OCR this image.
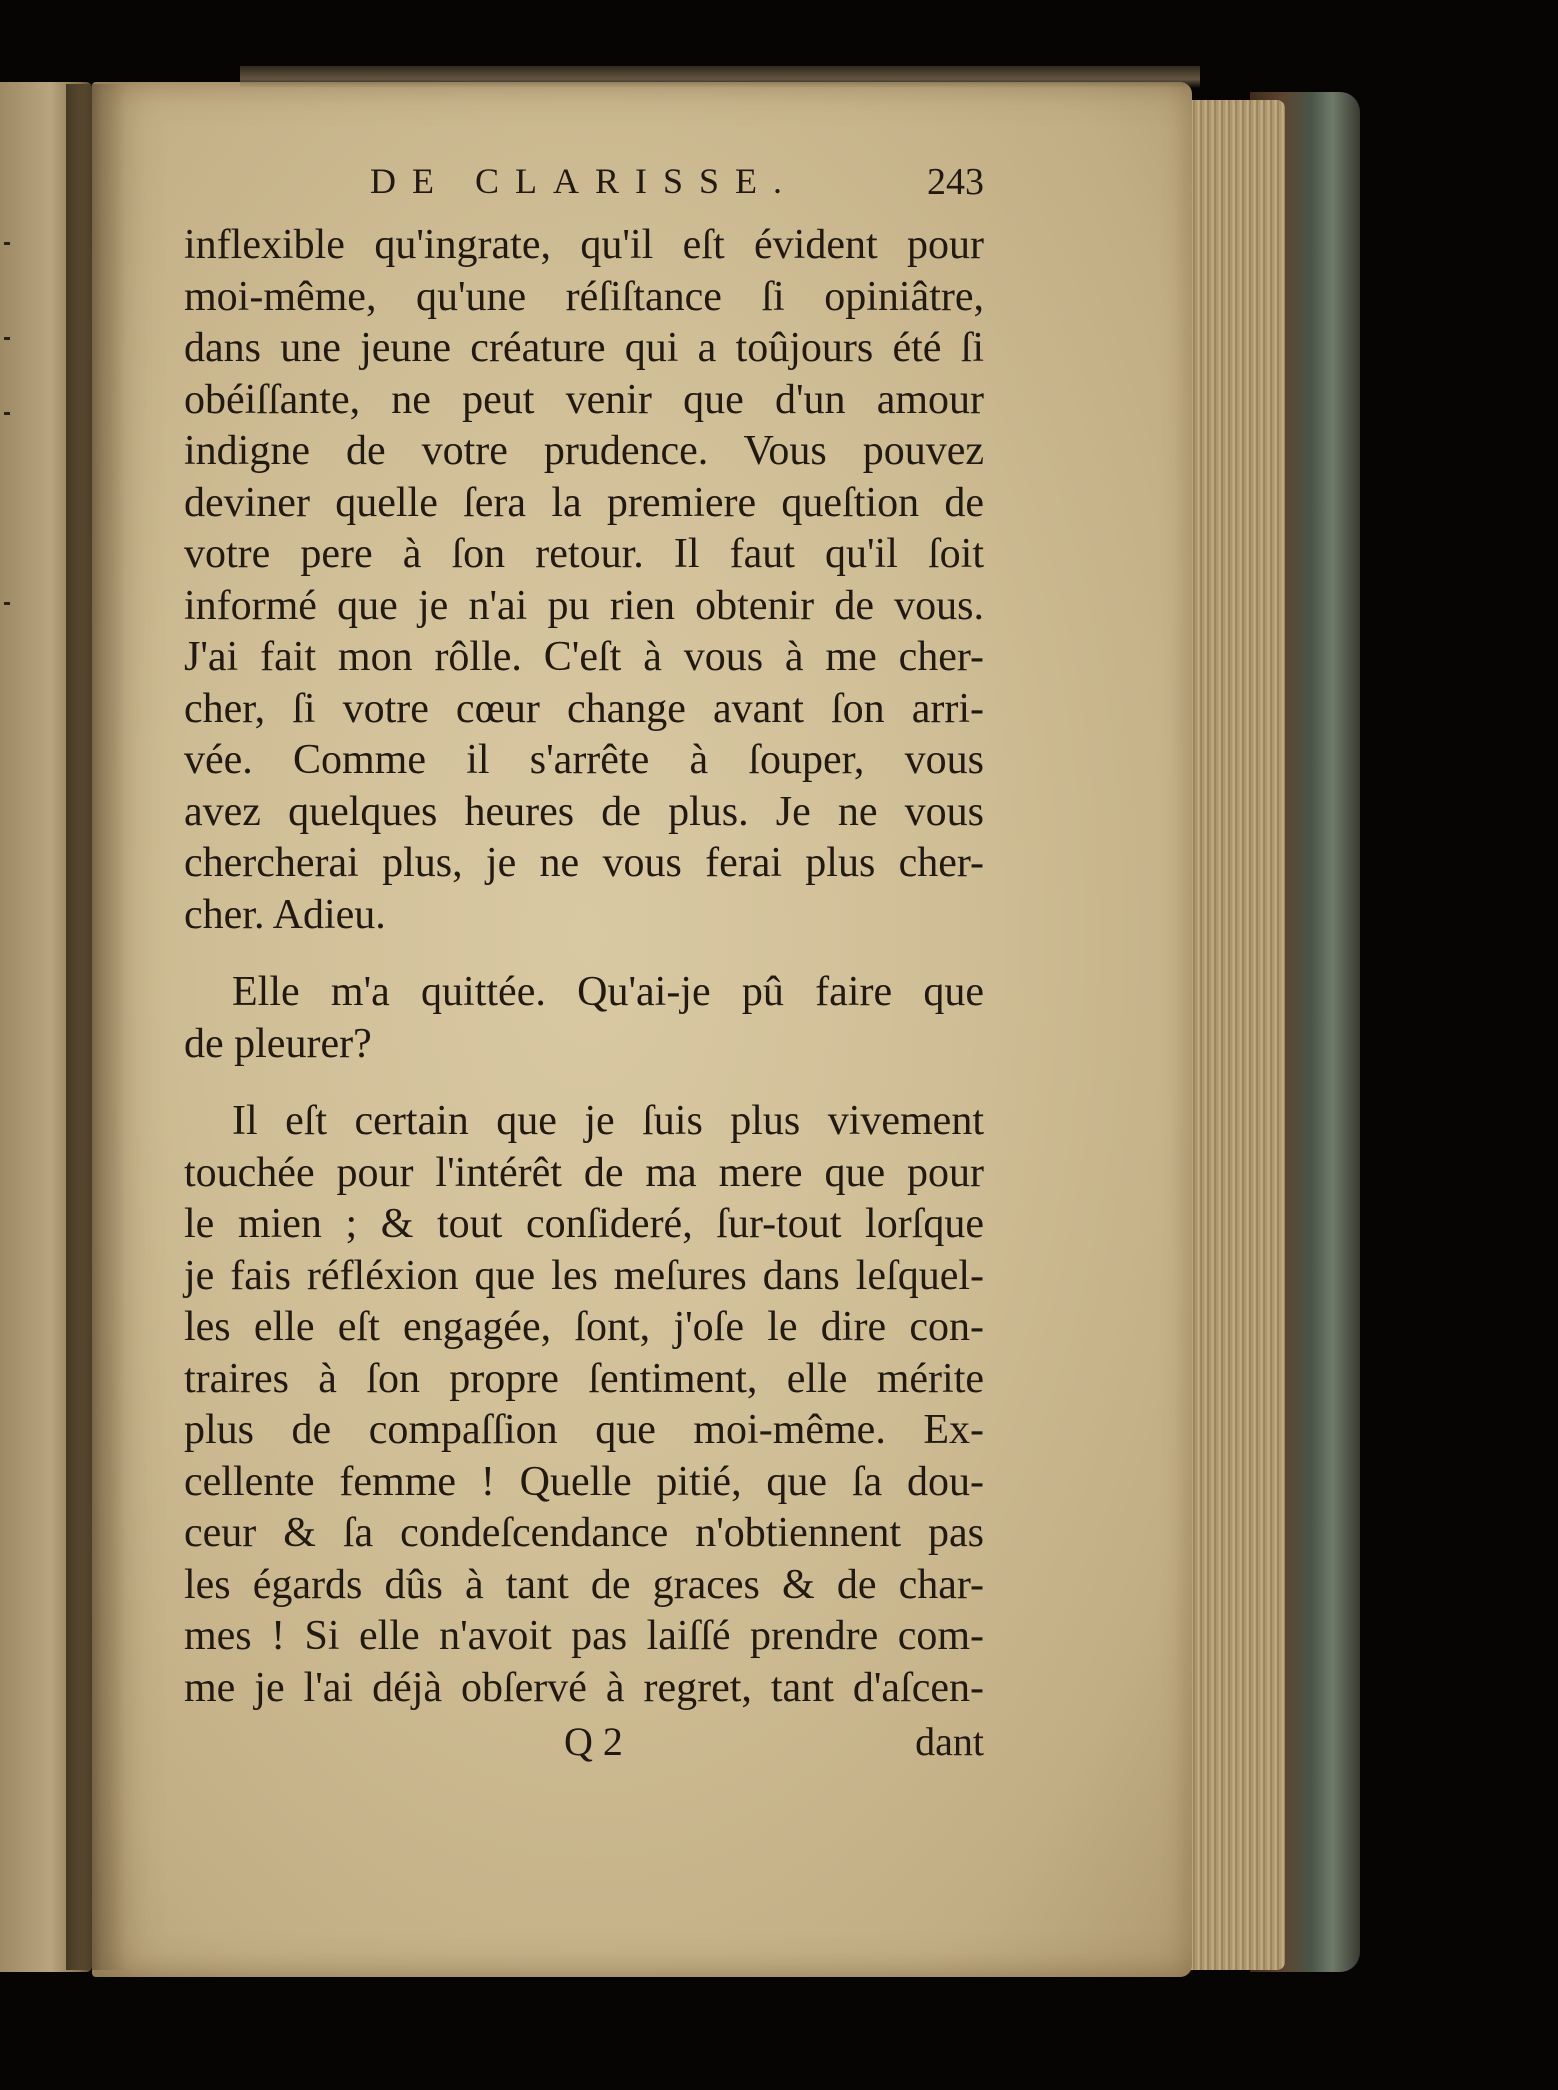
DE CLARISSE.	243

inflexible qu'ingrate, qu'il eſt évident pour
moi-même, qu'une réſiſtance ſi opiniâtre,
dans une jeune créature qui a toûjours été ſi
obéiſſante, ne peut venir que d'un amour
indigne de votre prudence. Vous pouvez
deviner quelle ſera la premiere queſtion de
votre pere à ſon retour. Il faut qu'il ſoit
informé que je n'ai pu rien obtenir de vous.
J'ai fait mon rôlle. C'eſt à vous à me cher-
cher, ſi votre cœur change avant ſon arri-
vée. Comme il s'arrête à ſouper, vous
avez quelques heures de plus. Je ne vous
chercherai plus, je ne vous ferai plus cher-
cher. Adieu.

Elle m'a quittée. Qu'ai-je pû faire que
de pleurer?

Il eſt certain que je ſuis plus vivement
touchée pour l'intérêt de ma mere que pour
le mien ; & tout conſideré, ſur-tout lorſque
je fais réfléxion que les meſures dans leſquel-
les elle eſt engagée, ſont, j'oſe le dire con-
traires à ſon propre ſentiment, elle mérite
plus de compaſſion que moi-même. Ex-
cellente femme ! Quelle pitié, que ſa dou-
ceur & ſa condeſcendance n'obtiennent pas
les égards dûs à tant de graces & de char-
mes ! Si elle n'avoit pas laiſſé prendre com-
me je l'ai déjà obſervé à regret, tant d'aſcen-

Q 2	dant
